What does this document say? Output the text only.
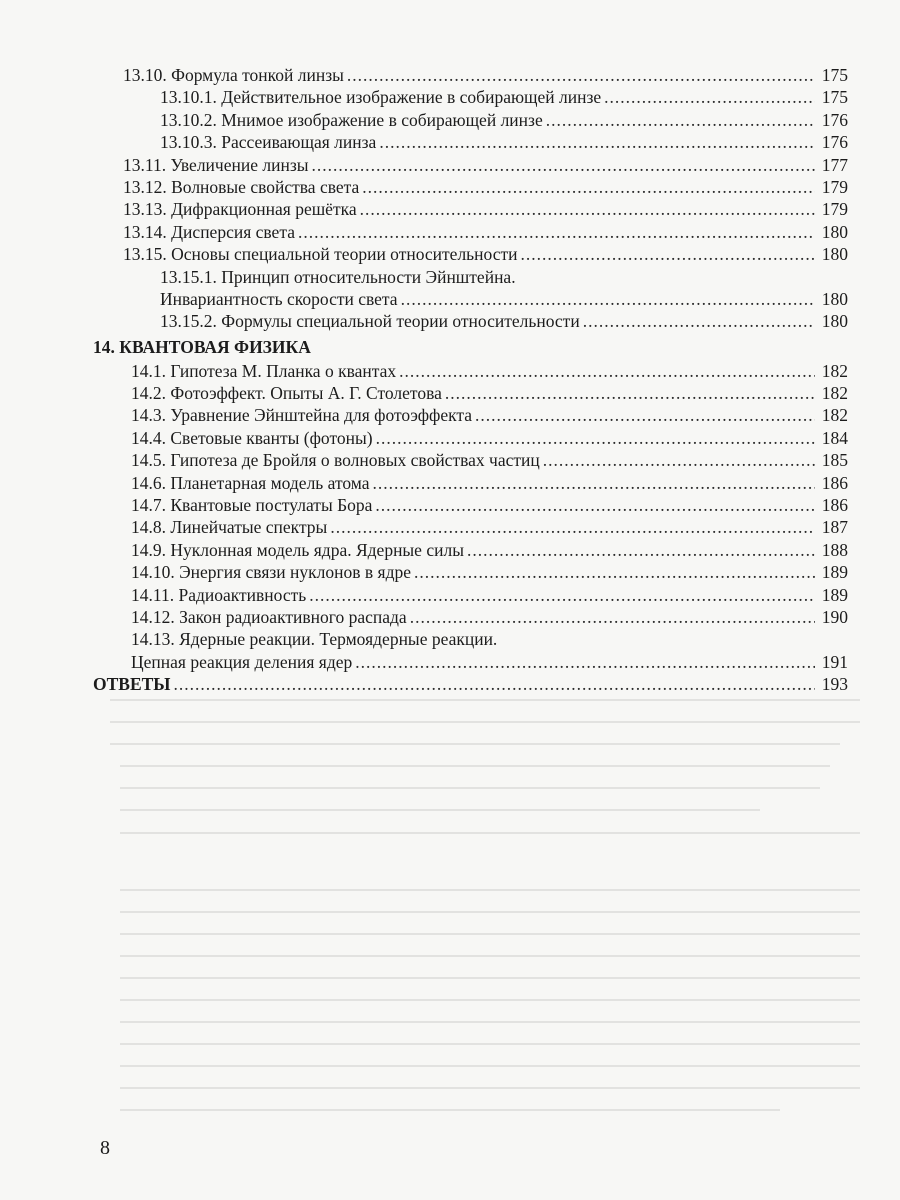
13.10. Формула тонкой линзы .....	175
13.10.1. Действительное изображение в собирающей линзе .....	175
13.10.2. Мнимое изображение в собирающей линзе .....	176
13.10.3. Рассеивающая линза .....	176
13.11. Увеличение линзы .....	177
13.12. Волновые свойства света .....	179
13.13. Дифракционная решётка .....	179
13.14. Дисперсия света .....	180
13.15. Основы специальной теории относительности .....	180
13.15.1. Принцип относительности Эйнштейна.
Инвариантность скорости света .....	180
13.15.2. Формулы специальной теории относительности .....	180
14. КВАНТОВАЯ ФИЗИКА
14.1. Гипотеза М. Планка о квантах .....	182
14.2. Фотоэффект. Опыты А. Г. Столетова .....	182
14.3. Уравнение Эйнштейна для фотоэффекта .....	182
14.4. Световые кванты (фотоны) .....	184
14.5. Гипотеза де Бройля о волновых свойствах частиц .....	185
14.6. Планетарная модель атома .....	186
14.7. Квантовые постулаты Бора .....	186
14.8. Линейчатые спектры .....	187
14.9. Нуклонная модель ядра. Ядерные силы .....	188
14.10. Энергия связи нуклонов в ядре .....	189
14.11. Радиоактивность .....	189
14.12. Закон радиоактивного распада .....	190
14.13. Ядерные реакции. Термоядерные реакции.
Цепная реакция деления ядер .....	191
ОТВЕТЫ .....	193
8
